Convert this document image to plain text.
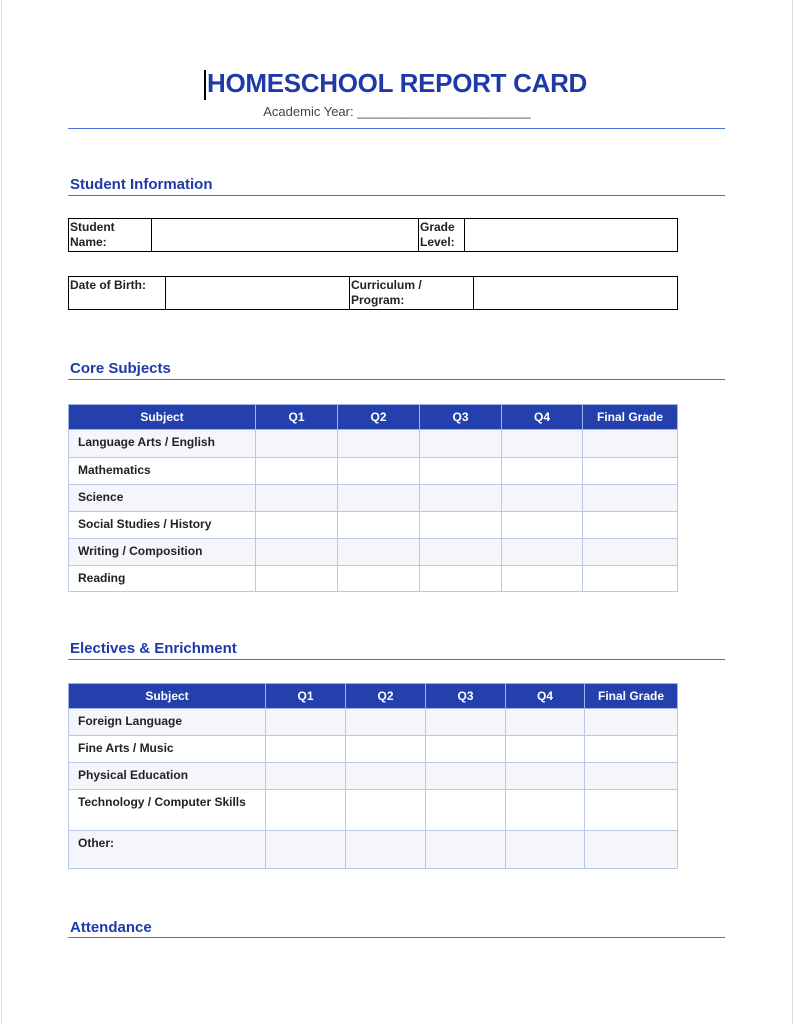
HOMESCHOOL REPORT CARD
Academic Year: ________________________
Student Information
Student Name:		Grade Level:	
Date of Birth:		Curriculum / Program:	
Core Subjects
Subject	Q1	Q2	Q3	Q4	Final Grade
Language Arts / English					
Mathematics					
Science					
Social Studies / History					
Writing / Composition					
Reading					
Electives & Enrichment
Subject	Q1	Q2	Q3	Q4	Final Grade
Foreign Language					
Fine Arts / Music					
Physical Education					
Technology / Computer Skills					
Other:					
Attendance
